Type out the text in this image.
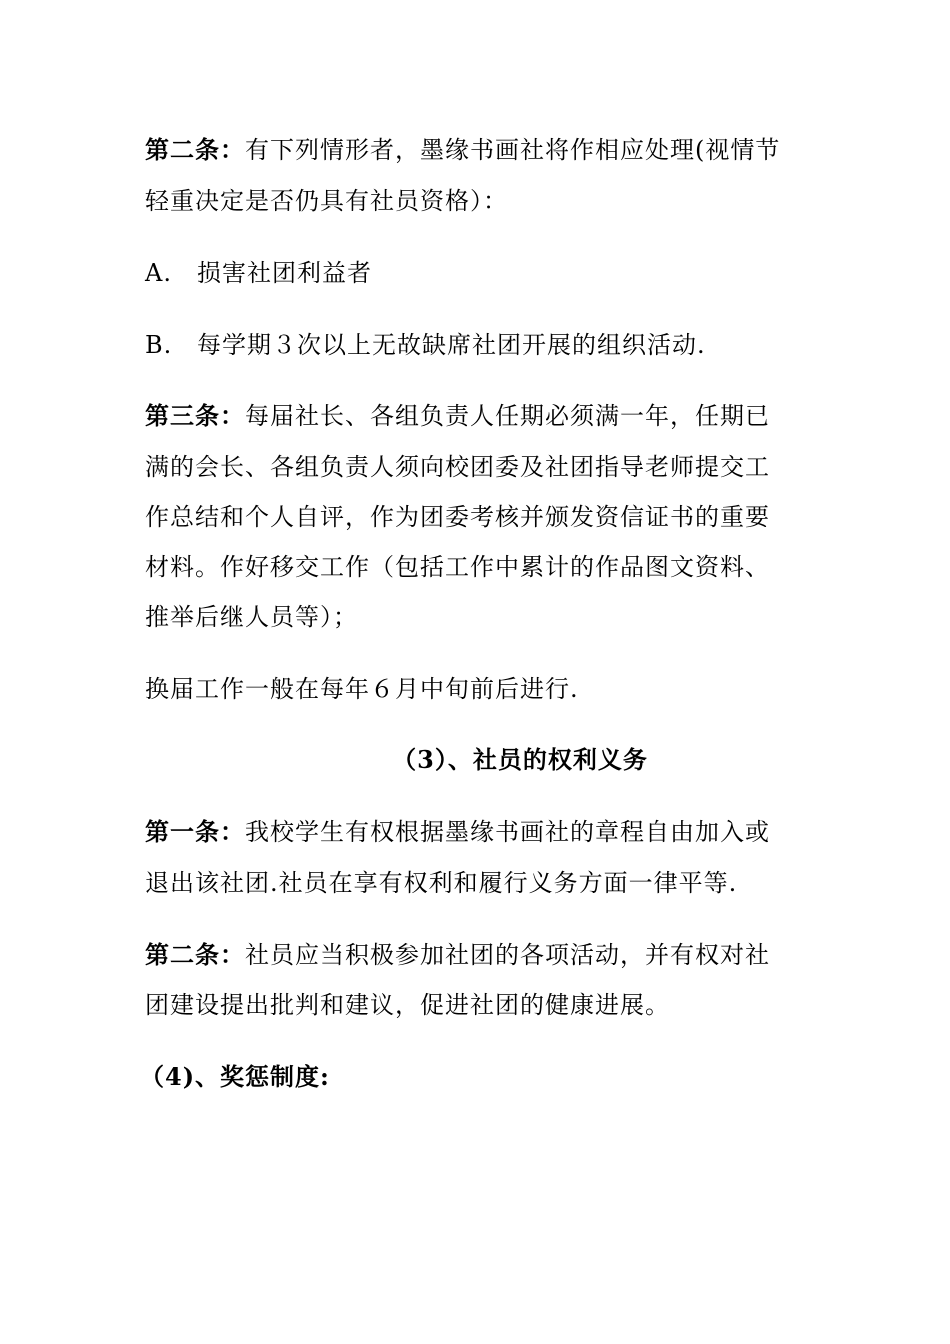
第二条：有下列情形者，墨缘书画社将作相应处理(视情节
轻重决定是否仍具有社员资格）：
A. 损害社团利益者
B. 每学期３次以上无故缺席社团开展的组织活动.
第三条：每届社长、各组负责人任期必须满一年，任期已
满的会长、各组负责人须向校团委及社团指导老师提交工
作总结和个人自评，作为团委考核并颁发资信证书的重要
材料。作好移交工作（包括工作中累计的作品图文资料、
推举后继人员等）；
换届工作一般在每年６月中旬前后进行.
（3）、社员的权利义务
第一条：我校学生有权根据墨缘书画社的章程自由加入或
退出该社团.社员在享有权利和履行义务方面一律平等.
第二条：社员应当积极参加社团的各项活动，并有权对社
团建设提出批判和建议，促进社团的健康进展。
（4)、奖惩制度:
